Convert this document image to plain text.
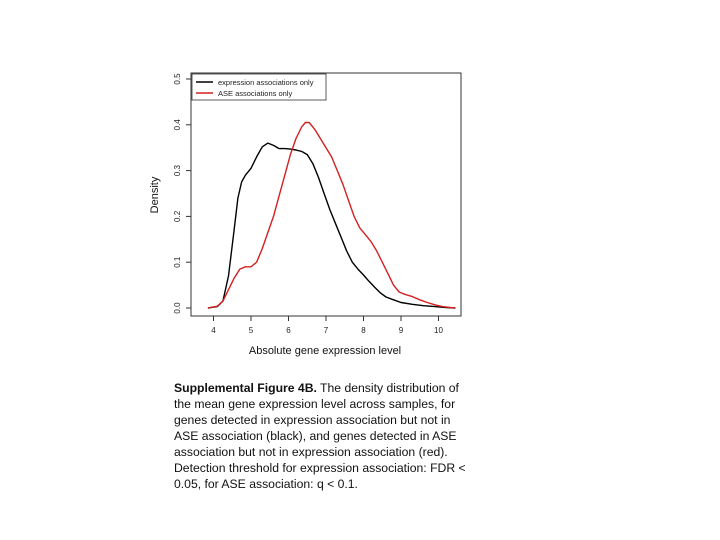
4	5	6	7	8	9	10
0.0
0.1
0.2
0.3
0.4
0.5
Absolute gene expression level
Density
expression associations only
ASE associations only
Supplemental Figure 4B. The density distribution of the mean gene expression level across samples, for genes detected in expression association but not in ASE association (black), and genes detected in ASE association but not in expression association (red). Detection threshold for expression association: FDR < 0.05, for ASE association: q < 0.1.
